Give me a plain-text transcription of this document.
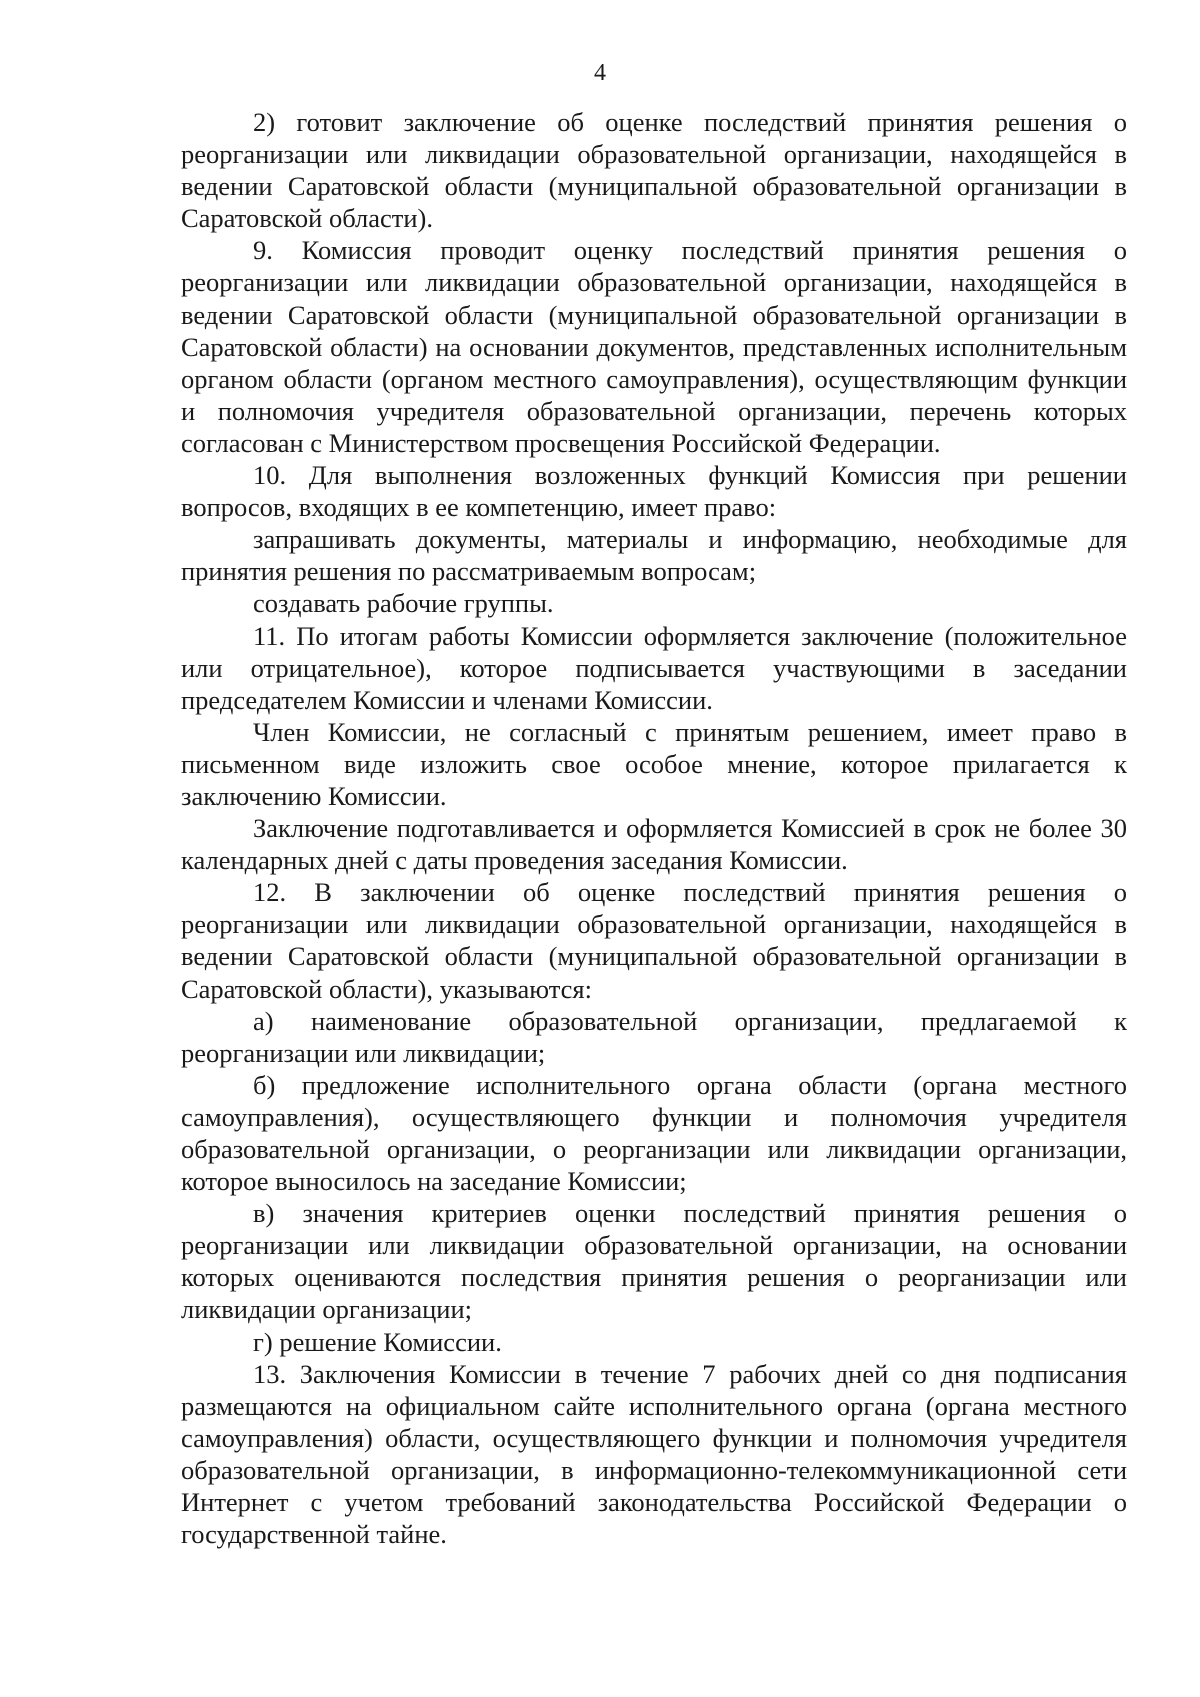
4

2) готовит заключение об оценке последствий принятия решения о реорганизации или ликвидации образовательной организации, находящейся в ведении Саратовской области (муниципальной образовательной организации в Саратовской области).

9. Комиссия проводит оценку последствий принятия решения о реорганизации или ликвидации образовательной организации, находящейся в ведении Саратовской области (муниципальной образовательной организации в Саратовской области) на основании документов, представленных исполнительным органом области (органом местного самоуправления), осуществляющим функции и полномочия учредителя образовательной организации, перечень которых согласован с Министерством просвещения Российской Федерации.

10. Для выполнения возложенных функций Комиссия при решении вопросов, входящих в ее компетенцию, имеет право:

запрашивать документы, материалы и информацию, необходимые для принятия решения по рассматриваемым вопросам;

создавать рабочие группы.

11. По итогам работы Комиссии оформляется заключение (положительное или отрицательное), которое подписывается участвующими в заседании председателем Комиссии и членами Комиссии.

Член Комиссии, не согласный с принятым решением, имеет право в письменном виде изложить свое особое мнение, которое прилагается к заключению Комиссии.

Заключение подготавливается и оформляется Комиссией в срок не более 30 календарных дней с даты проведения заседания Комиссии.

12. В заключении об оценке последствий принятия решения о реорганизации или ликвидации образовательной организации, находящейся в ведении Саратовской области (муниципальной образовательной организации в Саратовской области), указываются:

а) наименование образовательной организации, предлагаемой к реорганизации или ликвидации;

б) предложение исполнительного органа области (органа местного самоуправления), осуществляющего функции и полномочия учредителя образовательной организации, о реорганизации или ликвидации организации, которое выносилось на заседание Комиссии;

в) значения критериев оценки последствий принятия решения о реорганизации или ликвидации образовательной организации, на основании которых оцениваются последствия принятия решения о реорганизации или ликвидации организации;

г) решение Комиссии.

13. Заключения Комиссии в течение 7 рабочих дней со дня подписания размещаются на официальном сайте исполнительного органа (органа местного самоуправления) области, осуществляющего функции и полномочия учредителя образовательной организации, в информационно-телекоммуникационной сети Интернет с учетом требований законодательства Российской Федерации о государственной тайне.
